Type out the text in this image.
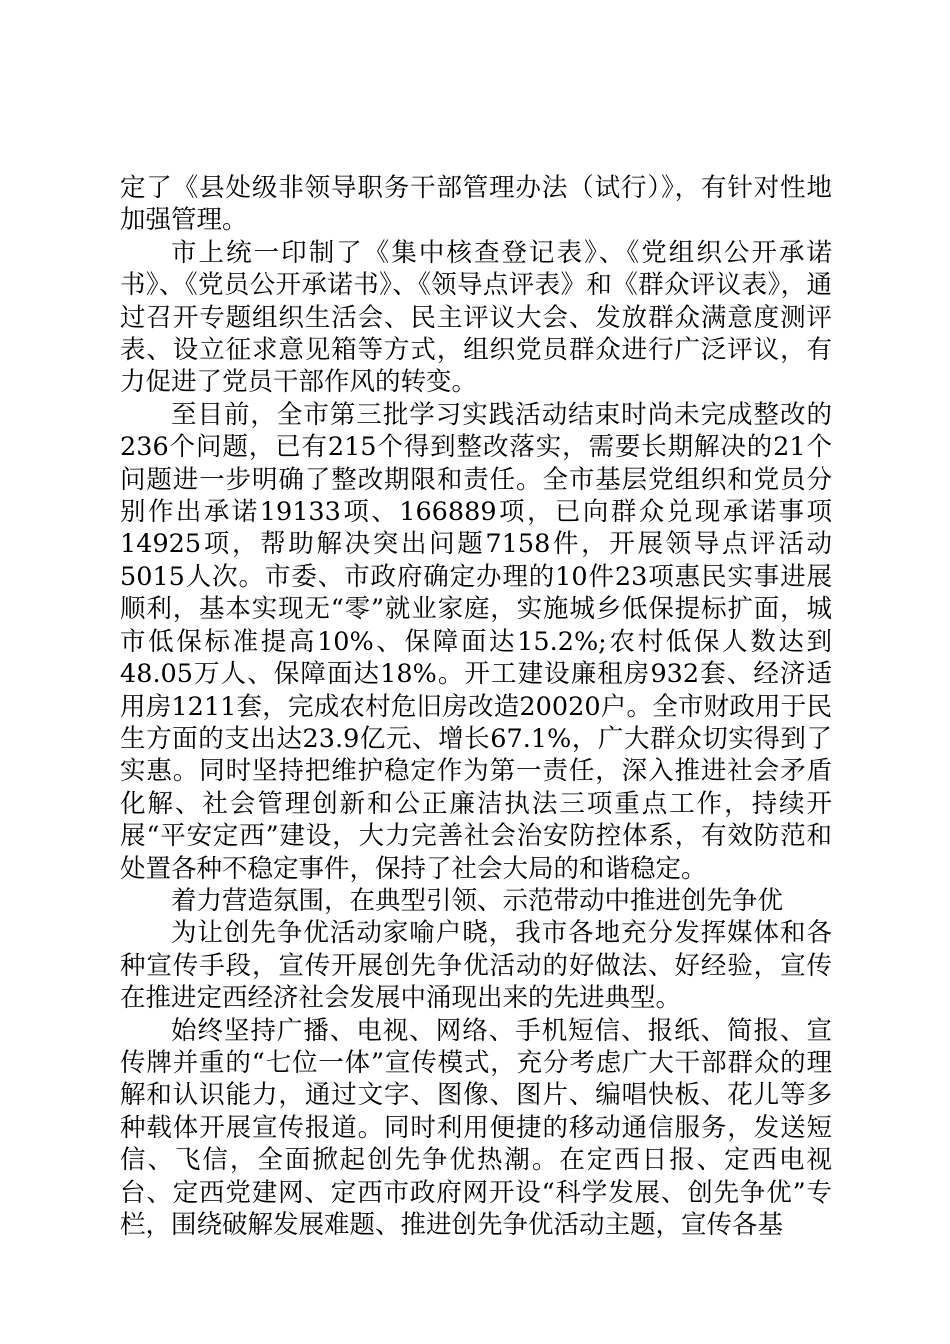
定了《县处级非领导职务干部管理办法（试行）》，有针对性地加强管理。

市上统一印制了《集中核查登记表》、《党组织公开承诺书》、《党员公开承诺书》、《领导点评表》和《群众评议表》，通过召开专题组织生活会、民主评议大会、发放群众满意度测评表、设立征求意见箱等方式，组织党员群众进行广泛评议，有力促进了党员干部作风的转变。

至目前，全市第三批学习实践活动结束时尚未完成整改的236个问题，已有215个得到整改落实，需要长期解决的21个问题进一步明确了整改期限和责任。全市基层党组织和党员分别作出承诺19133项、166889项，已向群众兑现承诺事项14925项，帮助解决突出问题7158件，开展领导点评活动5015人次。市委、市政府确定办理的10件23项惠民实事进展顺利，基本实现无“零”就业家庭，实施城乡低保提标扩面，城市低保标准提高10%、保障面达15.2%;农村低保人数达到48.05万人、保障面达18%。开工建设廉租房932套、经济适用房1211套，完成农村危旧房改造20020户。全市财政用于民生方面的支出达23.9亿元、增长67.1%，广大群众切实得到了实惠。同时坚持把维护稳定作为第一责任，深入推进社会矛盾化解、社会管理创新和公正廉洁执法三项重点工作，持续开展“平安定西”建设，大力完善社会治安防控体系，有效防范和处置各种不稳定事件，保持了社会大局的和谐稳定。

着力营造氛围，在典型引领、示范带动中推进创先争优

为让创先争优活动家喻户晓，我市各地充分发挥媒体和各种宣传手段，宣传开展创先争优活动的好做法、好经验，宣传在推进定西经济社会发展中涌现出来的先进典型。

始终坚持广播、电视、网络、手机短信、报纸、简报、宣传牌并重的“七位一体”宣传模式，充分考虑广大干部群众的理解和认识能力，通过文字、图像、图片、编唱快板、花儿等多种载体开展宣传报道。同时利用便捷的移动通信服务，发送短信、飞信，全面掀起创先争优热潮。在定西日报、定西电视台、定西党建网、定西市政府网开设“科学发展、创先争优”专栏，围绕破解发展难题、推进创先争优活动主题，宣传各基
